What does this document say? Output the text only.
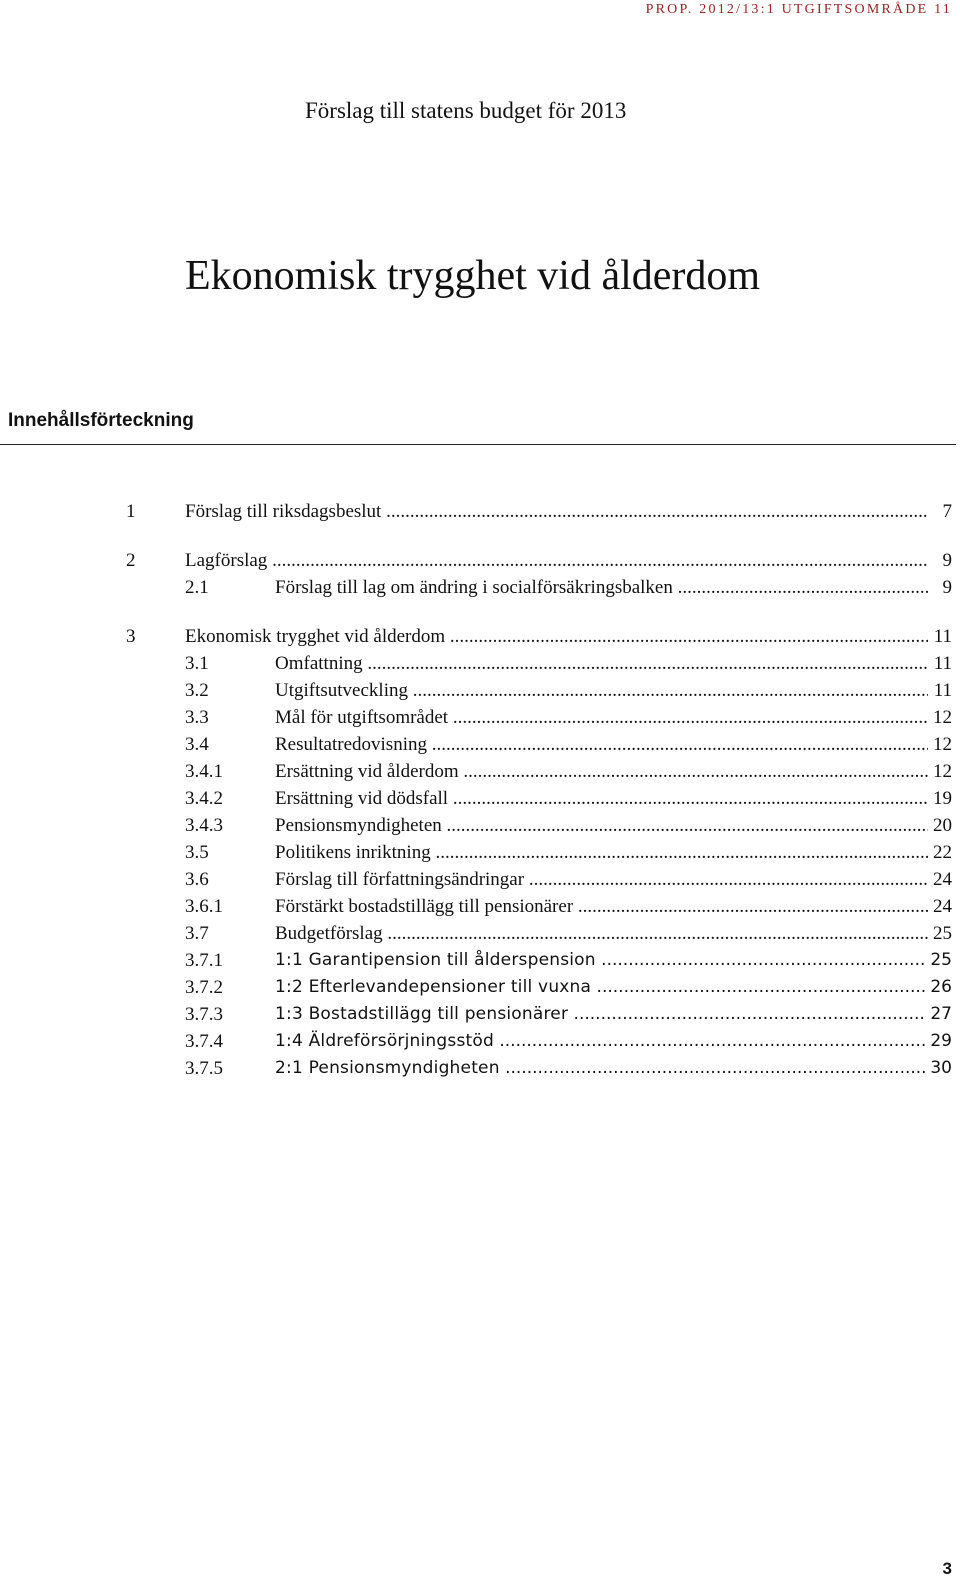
PROP. 2012/13:1 UTGIFTSOMRÅDE 11
Förslag till statens budget för 2013
Ekonomisk trygghet vid ålderdom
Innehållsförteckning
1	Förslag till riksdagsbeslut .....	7
2	Lagförslag .....	9
2.1	Förslag till lag om ändring i socialförsäkringsbalken .....	9
3	Ekonomisk trygghet vid ålderdom .....	11
3.1	Omfattning .....	11
3.2	Utgiftsutveckling .....	11
3.3	Mål för utgiftsområdet .....	12
3.4	Resultatredovisning .....	12
3.4.1	Ersättning vid ålderdom .....	12
3.4.2	Ersättning vid dödsfall .....	19
3.4.3	Pensionsmyndigheten .....	20
3.5	Politikens inriktning .....	22
3.6	Förslag till författningsändringar .....	24
3.6.1	Förstärkt bostadstillägg till pensionärer .....	24
3.7	Budgetförslag .....	25
3.7.1	1:1 Garantipension till ålderspension .....	25
3.7.2	1:2 Efterlevandepensioner till vuxna .....	26
3.7.3	1:3 Bostadstillägg till pensionärer .....	27
3.7.4	1:4 Äldreförsörjningsstöd .....	29
3.7.5	2:1 Pensionsmyndigheten .....	30
3
